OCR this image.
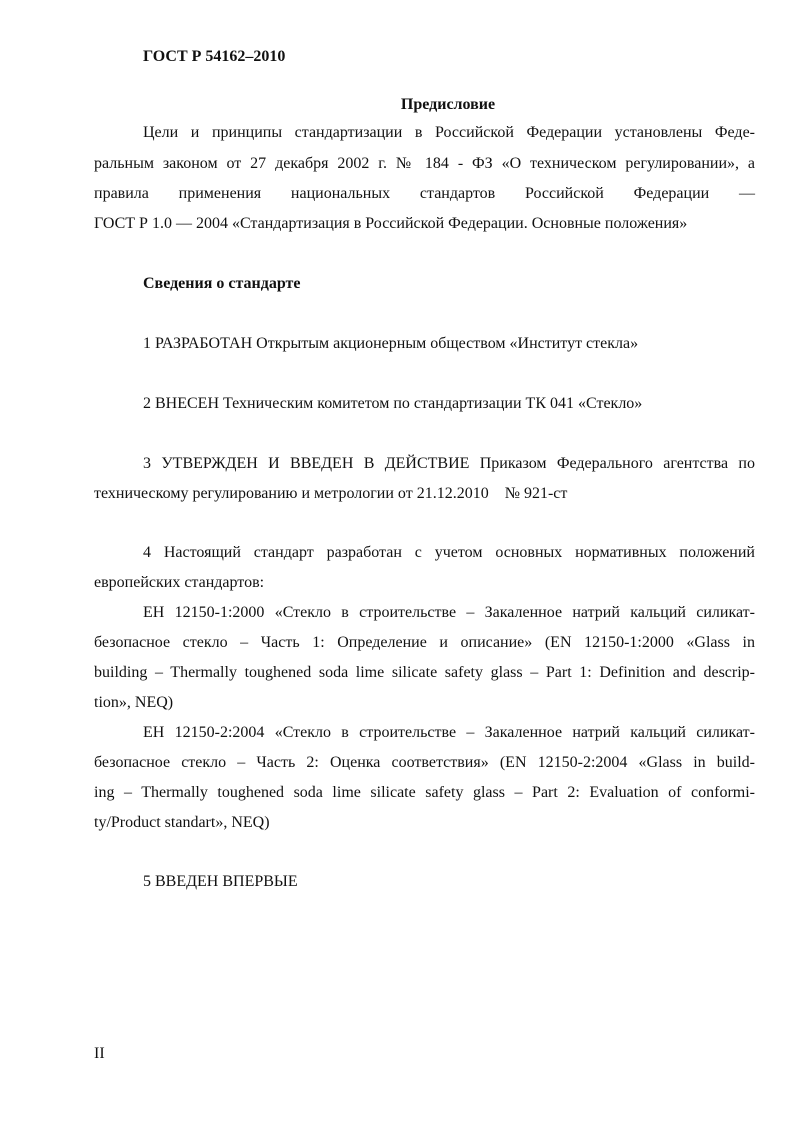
ГОСТ Р 54162–2010
Предисловие
Цели и принципы стандартизации в Российской Федерации установлены Феде-
ральным законом от 27 декабря 2002 г. № 184 - ФЗ «О техническом регулировании», а
правила применения национальных стандартов Российской Федерации —
ГОСТ Р 1.0 — 2004 «Стандартизация в Российской Федерации. Основные положения»
Сведения о стандарте
1 РАЗРАБОТАН Открытым акционерным обществом «Институт стекла»
2 ВНЕСЕН Техническим комитетом по стандартизации ТК 041 «Стекло»
3 УТВЕРЖДЕН И ВВЕДЕН В ДЕЙСТВИЕ Приказом Федерального агентства по
техническому регулированию и метрологии от 21.12.2010    № 921-ст
4 Настоящий стандарт разработан с учетом основных нормативных положений
европейских стандартов:
ЕН 12150-1:2000 «Стекло в строительстве – Закаленное натрий кальций силикат-
безопасное стекло – Часть 1: Определение и описание» (EN 12150-1:2000 «Glass in
building – Thermally toughened soda lime silicate safety glass – Part 1: Definition and descrip-
tion», NEQ)
ЕН 12150-2:2004 «Стекло в строительстве – Закаленное натрий кальций силикат-
безопасное стекло – Часть 2: Оценка соответствия» (EN 12150-2:2004 «Glass in build-
ing – Thermally toughened soda lime silicate safety glass – Part 2: Evaluation of conformi-
ty/Product standart», NEQ)
5 ВВЕДЕН ВПЕРВЫЕ
II
